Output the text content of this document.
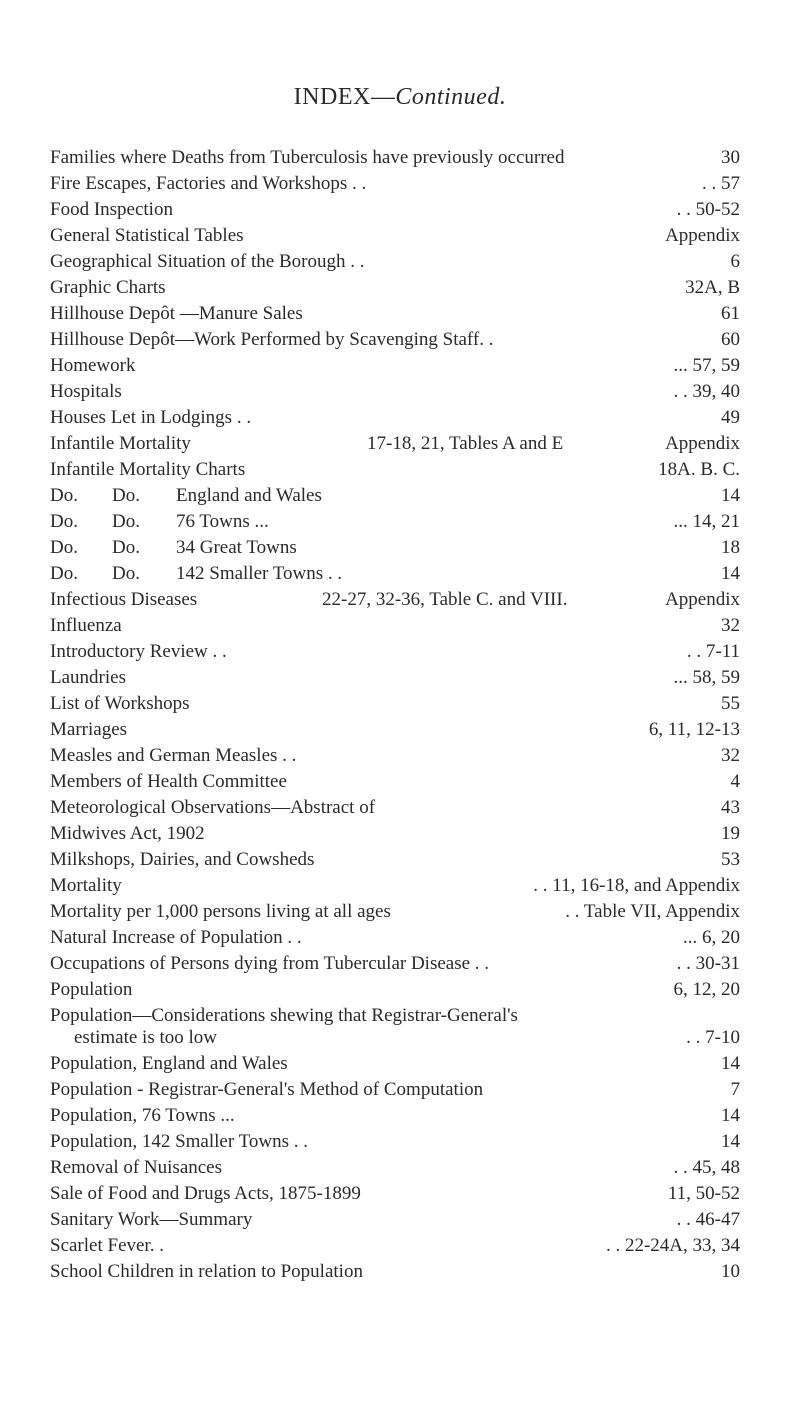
INDEX—Continued.
Families where Deaths from Tuberculosis have previously occurred	30
Fire Escapes, Factories and Workshops . .	. . 57
Food Inspection	. . 50-52
General Statistical Tables	Appendix
Geographical Situation of the Borough . .	6
Graphic Charts	32A, B
Hillhouse Depôt —Manure Sales	61
Hillhouse Depôt—Work Performed by Scavenging Staff. .	60
Homework	... 57, 59
Hospitals	. . 39, 40
Houses Let in Lodgings . .	49
Infantile Mortality	17-18, 21, Tables A and E	Appendix
Infantile Mortality Charts	18A. B. C.
Do. Do. England and Wales	14
Do. Do. 76 Towns ...	... 14, 21
Do. Do. 34 Great Towns	18
Do. Do. 142 Smaller Towns . .	14
Infectious Diseases	22-27, 32-36, Table C. and VIII.	Appendix
Influenza	32
Introductory Review . .	. . 7-11
Laundries	... 58, 59
List of Workshops	55
Marriages	6, 11, 12-13
Measles and German Measles . .	32
Members of Health Committee	4
Meteorological Observations—Abstract of	43
Midwives Act, 1902	19
Milkshops, Dairies, and Cowsheds	53
Mortality	. . 11, 16-18, and Appendix
Mortality per 1,000 persons living at all ages	. . Table VII, Appendix
Natural Increase of Population . .	... 6, 20
Occupations of Persons dying from Tubercular Disease . .	. . 30-31
Population	6, 12, 20
Population—Considerations shewing that Registrar-General's
estimate is too low	. . 7-10
Population, England and Wales	14
Population - Registrar-General's Method of Computation	7
Population, 76 Towns ...	14
Population, 142 Smaller Towns . .	14
Removal of Nuisances	. . 45, 48
Sale of Food and Drugs Acts, 1875-1899	11, 50-52
Sanitary Work—Summary	. . 46-47
Scarlet Fever. .	. . 22-24A, 33, 34
School Children in relation to Population	10
